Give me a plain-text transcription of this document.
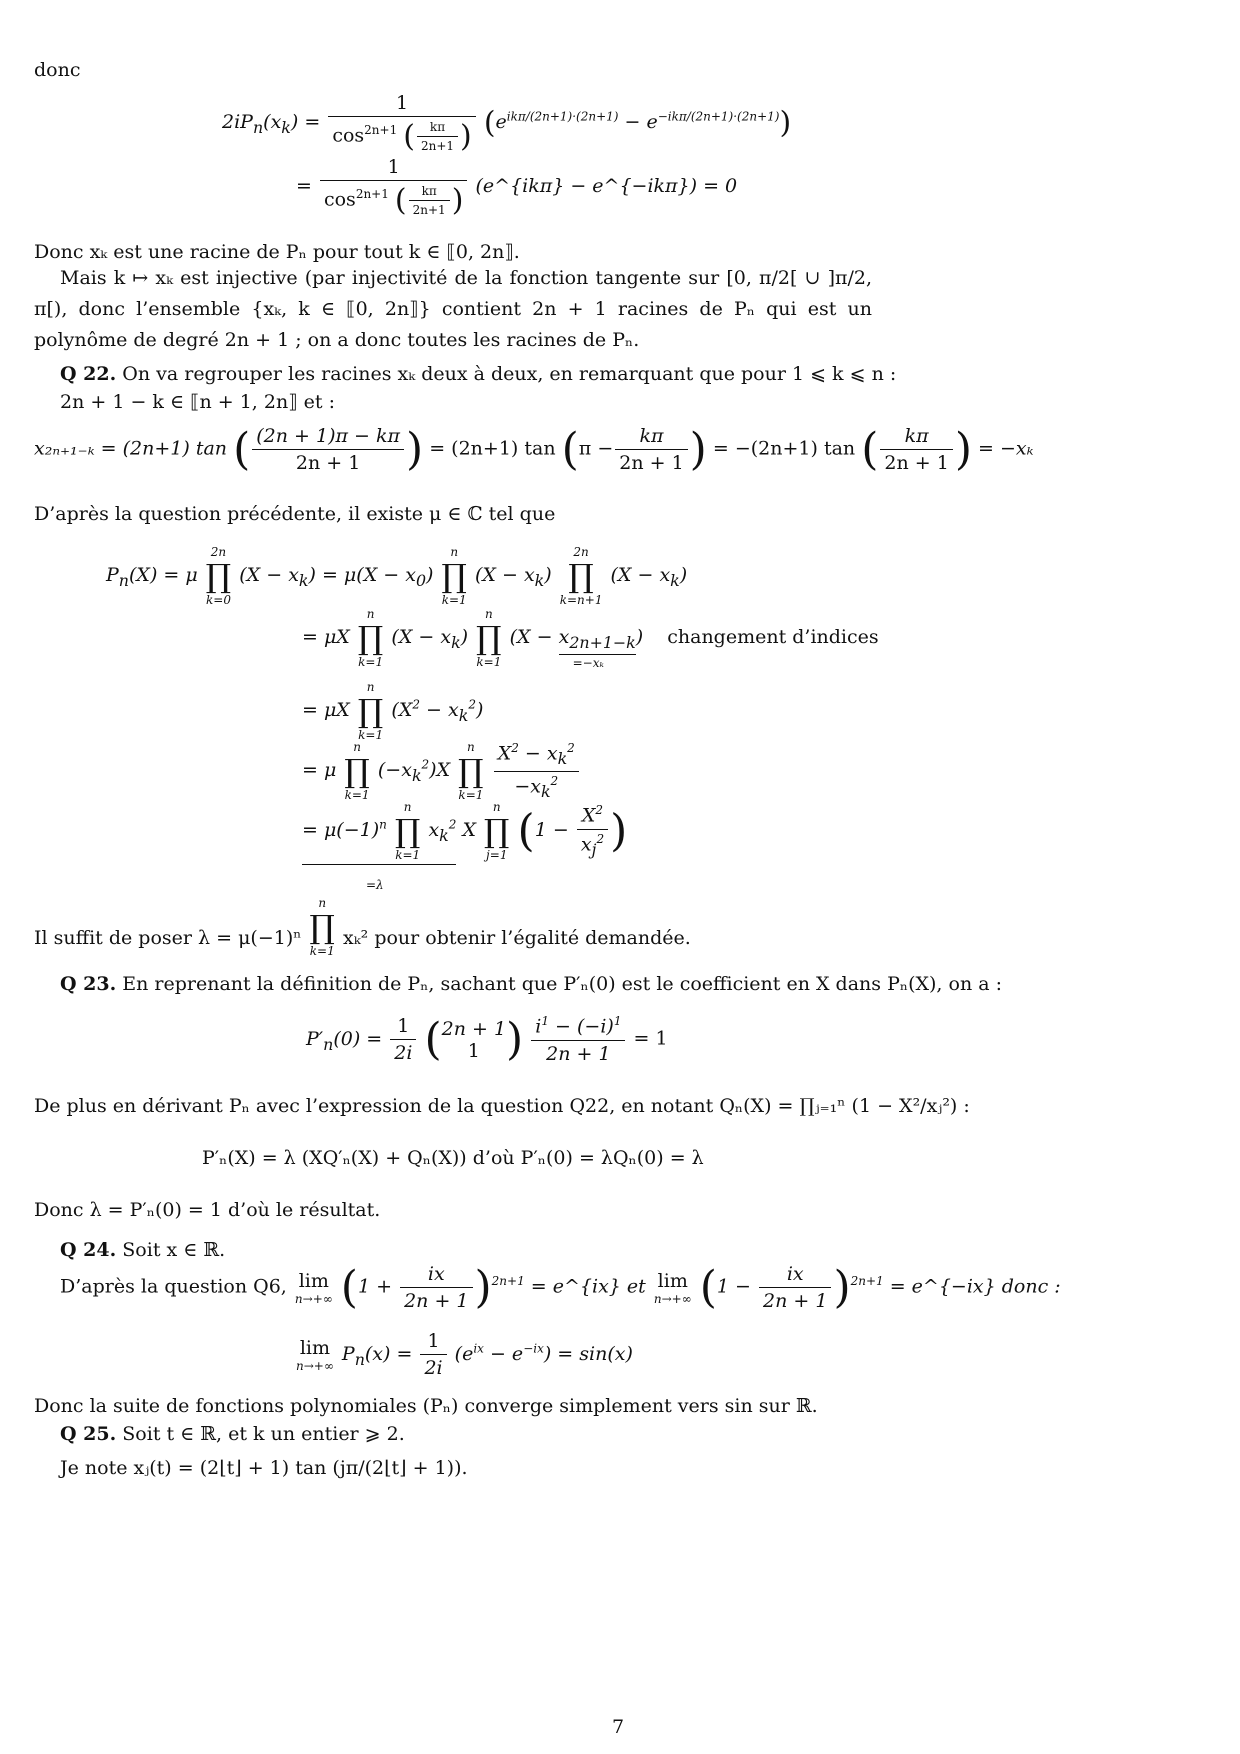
donc
$2iP_n(x_k) = \frac{1}{\cos^{2n+1} ( \frac{k\pi}{2n+1} )} (e^{ik\pi/(2n+1)\cdot(2n+1)} - e^{-ik\pi/(2n+1)\cdot(2n+1)})$
= $\frac{1}{\cos^{2n+1} ( \frac{k\pi}{2n+1} )}$ (e^{ikπ} − e^{−ikπ}) = 0
Donc xₖ est une racine de Pₙ pour tout k ∈ ⟦0, 2n⟧.
Mais k ↦ xₖ est injective (par injectivité de la fonction tangente sur [0, π/2[ ∪ ]π/2, π[), donc l’ensemble {xₖ, k ∈ ⟦0, 2n⟧} contient 2n + 1 racines de Pₙ qui est un polynôme de degré 2n + 1 ; on a donc toutes les racines de Pₙ.
Q 22. On va regrouper les racines xₖ deux à deux, en remarquant que pour 1 ⩽ k ⩽ n :
2n + 1 − k ∈ ⟦n + 1, 2n⟧ et :
x₂ₙ₊₁₋ₖ = (2n+1) tan ( $\frac{(2n + 1)\pi - k\pi}{2n + 1}$ ) = (2n+1) $\tan (\pi - \frac{k\pi}{2n + 1}$ ) = −(2n+1) tan ( $\frac{k\pi}{2n + 1}$ ) = −xₖ
D’après la question précédente, il existe μ ∈ ℂ tel que
$P_n(X) = \mu$
2n
∏
k=0
$(X - x_k) = \mu(X - x_0)$
n
∏
k=1
$(X - x_k)$
2n
∏
k=n+1
$(X - x_k)$
= μX
n
∏
k=1
$(X - x_k)$
n
∏
k=1
($X - x_{2n+1-k}$
=−xₖ
) changement d’indices
= μX
n
∏
k=1
$(X^2 - x_k^2)$
= μ
n
∏
k=1
$(-x_k^2)X$
n
∏
k=1
$\frac{X^2 - x_k^2}{-x_k^2}$
= $\mu(-1)^n$
n
∏
k=1
$x_k^2$
=λ
X
n
∏
j=1 ($1 - \frac{X^2}{x_j^2}$ )
Il suffit de poser λ = μ(−1)ⁿ
n
∏
k=1
xₖ² pour obtenir l’égalité demandée.
Q 23. En reprenant la définition de Pₙ, sachant que P′ₙ(0) est le coefficient en X dans Pₙ(X), on a :
$P'_n(0) = \frac{1}{2i}$ ( 2n + 1
1 ) $\frac{i^1 - (-i)^1}{2n + 1} = 1$
De plus en dérivant Pₙ avec l’expression de la question Q22, en notant Qₙ(X) = ∏ⱼ₌₁ⁿ (1 − X²/xⱼ²) :
P′ₙ(X) = λ (XQ′ₙ(X) + Qₙ(X)) d’où P′ₙ(0) = λQₙ(0) = λ
Donc λ = P′ₙ(0) = 1 d’où le résultat.
Q 24. Soit x ∈ ℝ.
D’après la question Q6, lim
n→+∞ $(1 + \frac{ix}{2n + 1} )^{2n+1}$ = e^{ix} et lim
n→+∞ $(1 - \frac{ix}{2n + 1} )^{2n+1}$ = e^{−ix} donc :
lim
n→+∞
$P_n(x) = \frac{1}{2i} (e^{ix} - e^{-ix}) = \sin(x)$
Donc la suite de fonctions polynomiales (Pₙ) converge simplement vers sin sur ℝ.
Q 25. Soit t ∈ ℝ, et k un entier ⩾ 2.
Je note xⱼ(t) = (2⌊t⌋ + 1) tan (jπ/(2⌊t⌋ + 1)).
7
